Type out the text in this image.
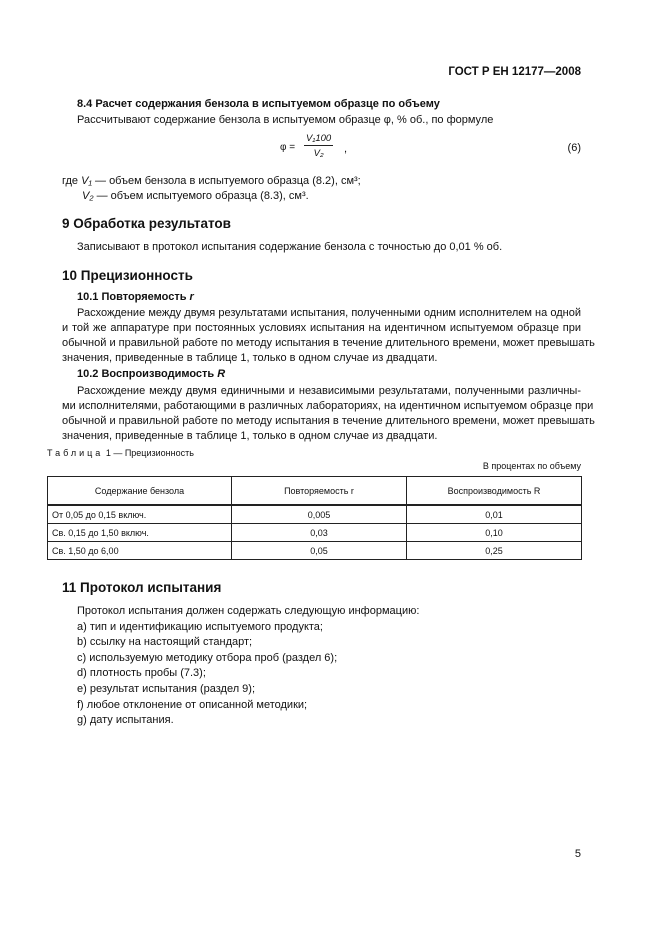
ГОСТ Р ЕН 12177—2008
8.4 Расчет содержания бензола в испытуемом образце по объему
Рассчитывают содержание бензола в испытуемом образце φ, % об., по формуле
$\varphi = \frac{\text{V₁100}}{\text{V₂}}$ ,	(6)
где V₁ — объем бензола в испытуемого образца (8.2), см³;
V₂ — объем испытуемого образца (8.3), см³.
9 Обработка результатов
Записывают в протокол испытания содержание бензола с точностью до 0,01 % об.
10 Прецизионность
10.1 Повторяемость r
Расхождение между двумя результатами испытания, полученными одним исполнителем на одной
и той же аппаратуре при постоянных условиях испытания на идентичном испытуемом образце при
обычной и правильной работе по методу испытания в течение длительного времени, может превышать
значения, приведенные в таблице 1, только в одном случае из двадцати.
10.2 Воспроизводимость R
Расхождение между двумя единичными и независимыми результатами, полученными различны-
ми исполнителями, работающими в различных лабораториях, на идентичном испытуемом образце при
обычной и правильной работе по методу испытания в течение длительного времени, может превышать
значения, приведенные в таблице 1, только в одном случае из двадцати.
Таблица 1 — Прецизионность
В процентах по объему
Содержание бензола	Повторяемость r	Воспроизводимость R
От 0,05 до 0,15 включ.	0,005	0,01
Св. 0,15 до 1,50 включ.	0,03	0,10
Св. 1,50 до 6,00	0,05	0,25
11 Протокол испытания
Протокол испытания должен содержать следующую информацию:
a) тип и идентификацию испытуемого продукта;
b) ссылку на настоящий стандарт;
c) используемую методику отбора проб (раздел 6);
d) плотность пробы (7.3);
e) результат испытания (раздел 9);
f) любое отклонение от описанной методики;
g) дату испытания.
5
